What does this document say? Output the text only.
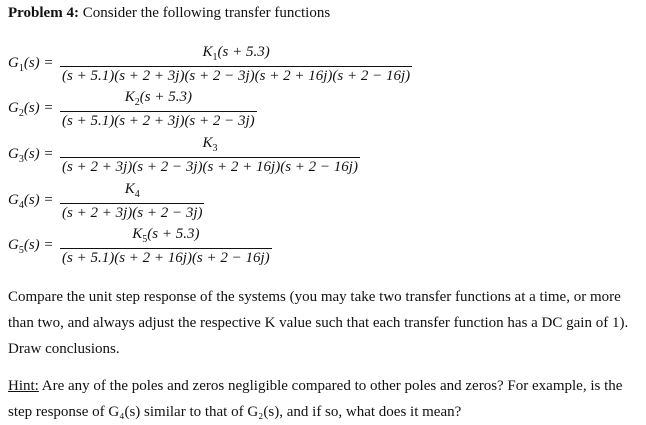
Problem 4: Consider the following transfer functions
$G_1(s) = \frac{K_1(s + 5.3)}{(s + 5.1)(s + 2 + 3j)(s + 2 - 3j)(s + 2 + 16j)(s + 2 - 16j)}$
$G_2(s) = \frac{K_2(s + 5.3)}{(s + 5.1)(s + 2 + 3j)(s + 2 - 3j)}$
$G_3(s) = \frac{K_3}{(s + 2 + 3j)(s + 2 - 3j)(s + 2 + 16j)(s + 2 - 16j)}$
$G_4(s) = \frac{K_4}{(s + 2 + 3j)(s + 2 - 3j)}$
$G_5(s) = \frac{K_5(s + 5.3)}{(s + 5.1)(s + 2 + 16j)(s + 2 - 16j)}$
Compare the unit step response of the systems (you may take two transfer functions at a time, or more than two, and always adjust the respective K value such that each transfer function has a DC gain of 1). Draw conclusions.
Hint: Are any of the poles and zeros negligible compared to other poles and zeros? For example, is the step response of G₄(s) similar to that of G₂(s), and if so, what does it mean?
